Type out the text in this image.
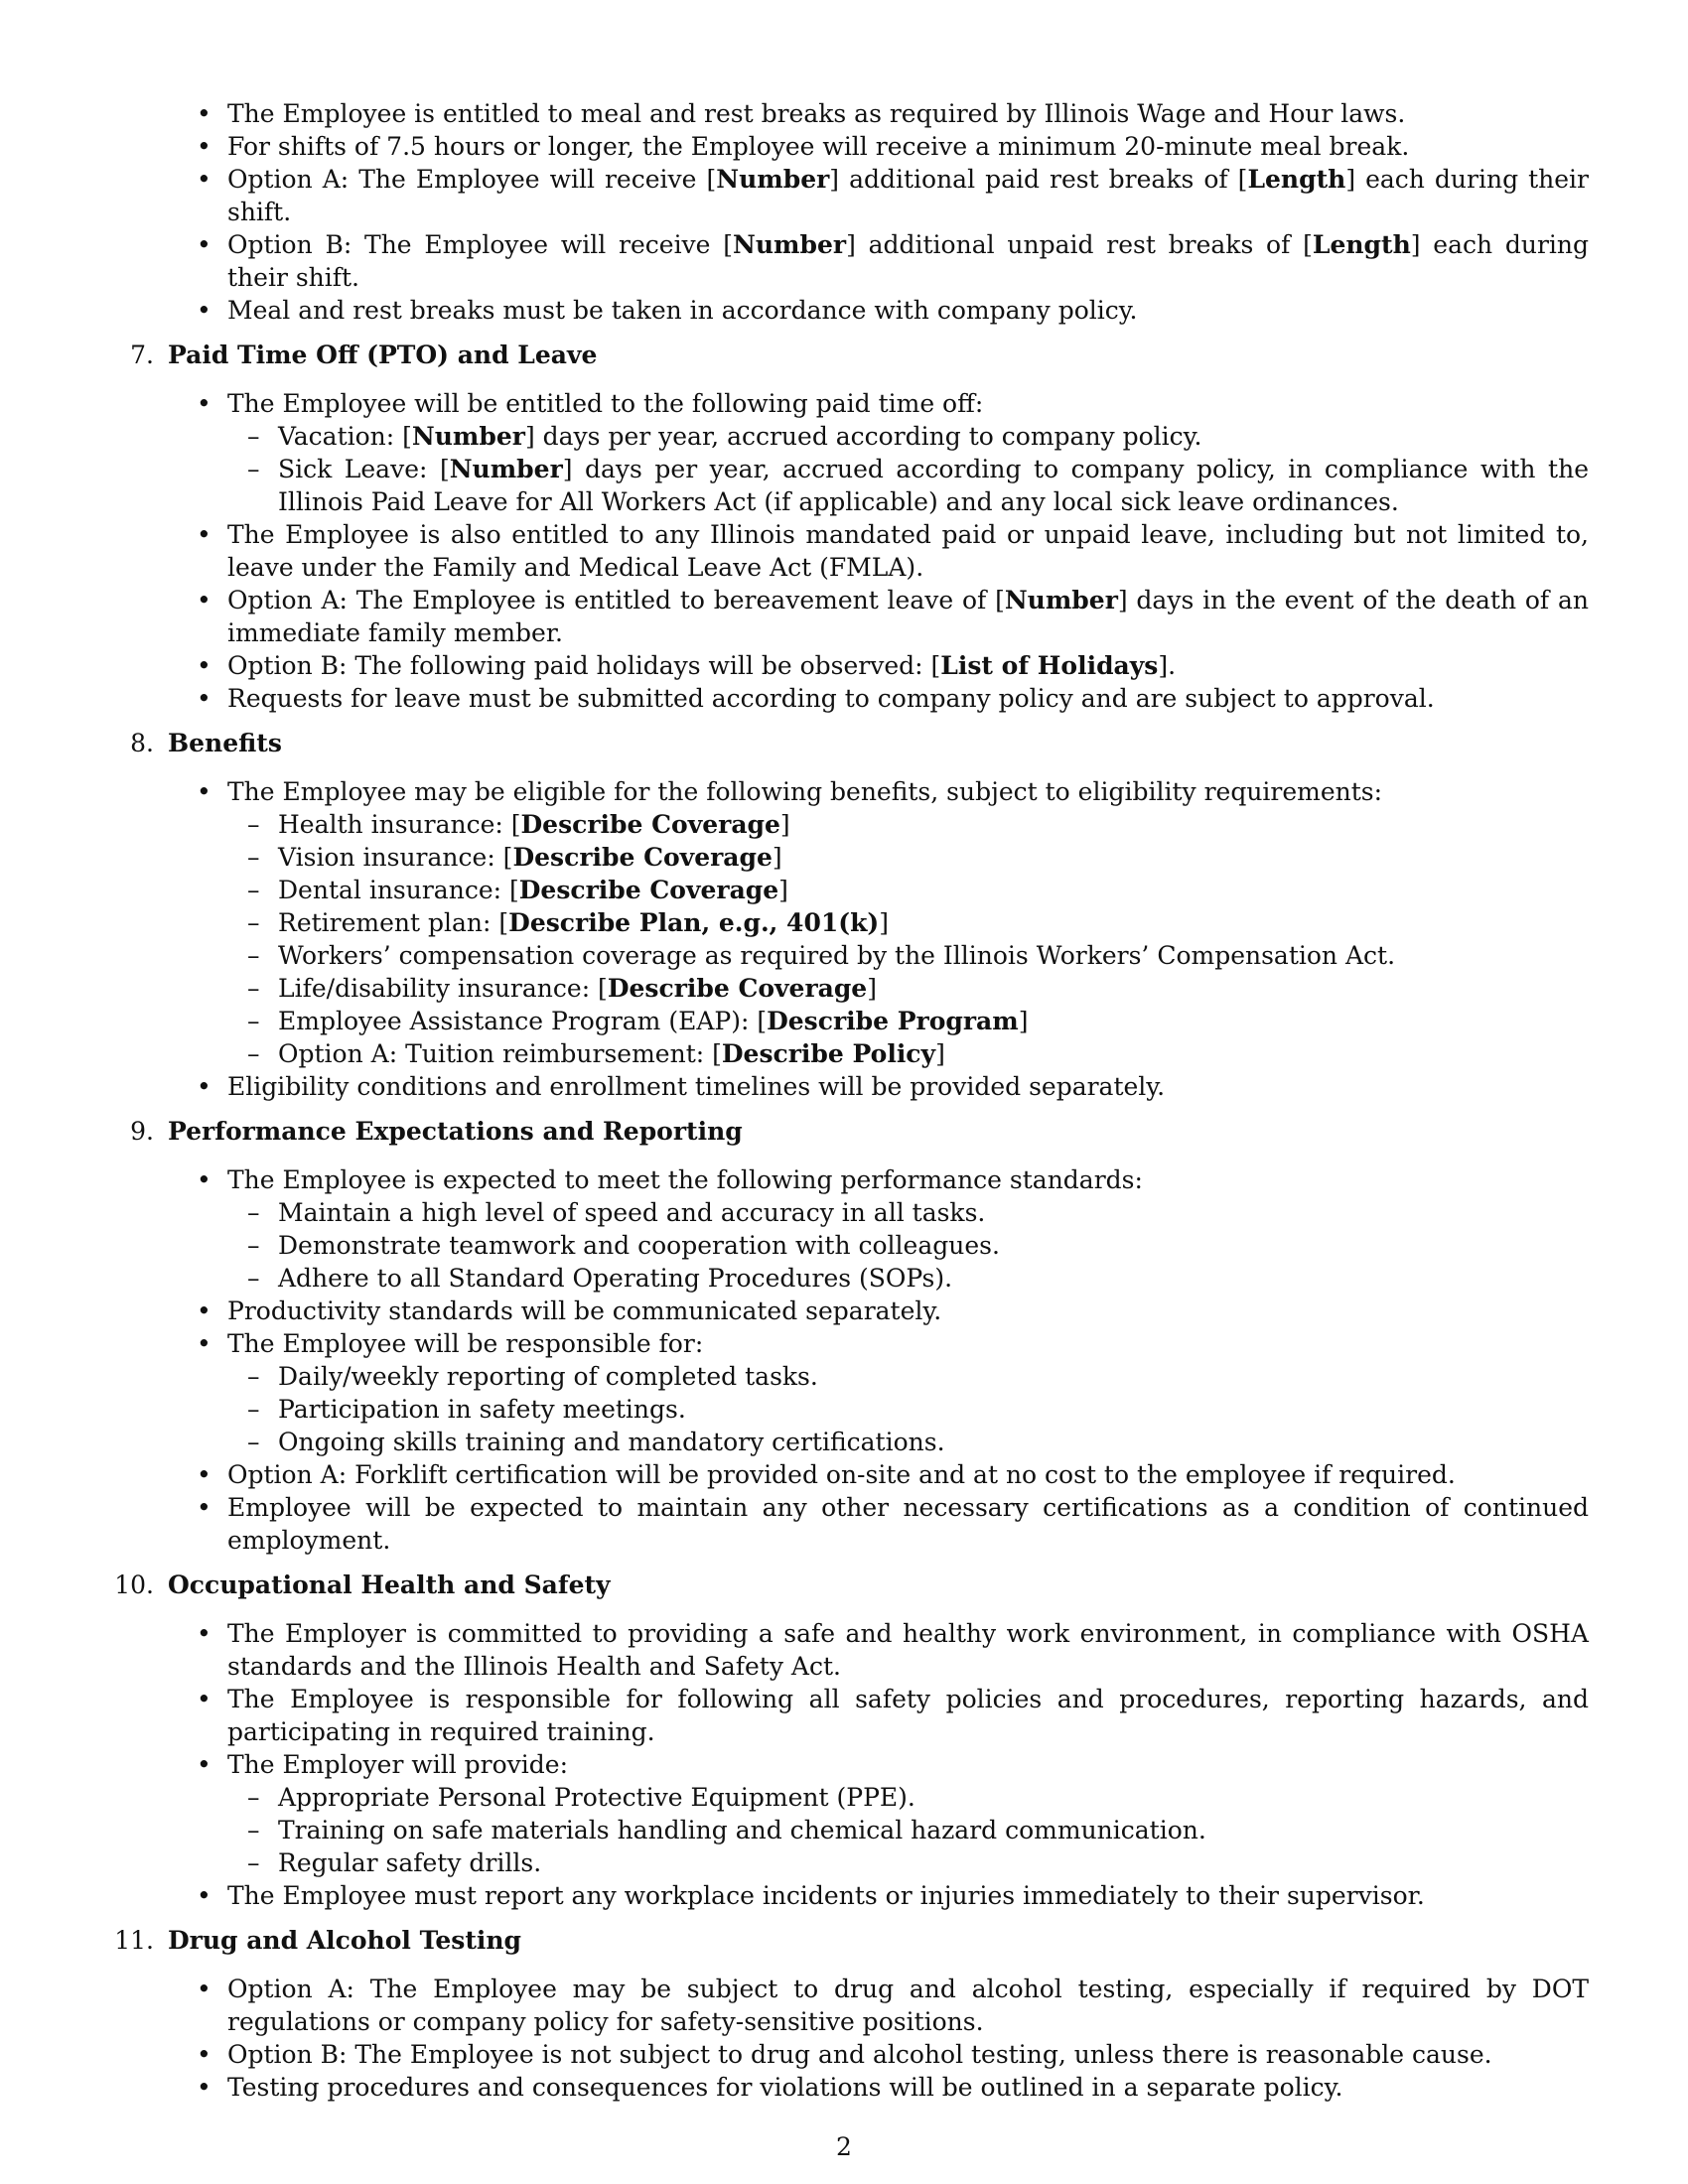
• The Employee is entitled to meal and rest breaks as required by Illinois Wage and Hour laws.
• For shifts of 7.5 hours or longer, the Employee will receive a minimum 20-minute meal break.
• Option A: The Employee will receive [Number] additional paid rest breaks of [Length] each during their shift.
• Option B: The Employee will receive [Number] additional unpaid rest breaks of [Length] each during their shift.
• Meal and rest breaks must be taken in accordance with company policy.
7. Paid Time Off (PTO) and Leave
• The Employee will be entitled to the following paid time off:
– Vacation: [Number] days per year, accrued according to company policy.
– Sick Leave: [Number] days per year, accrued according to company policy, in compliance with the Illinois Paid Leave for All Workers Act (if applicable) and any local sick leave ordinances.
• The Employee is also entitled to any Illinois mandated paid or unpaid leave, including but not limited to, leave under the Family and Medical Leave Act (FMLA).
• Option A: The Employee is entitled to bereavement leave of [Number] days in the event of the death of an immediate family member.
• Option B: The following paid holidays will be observed: [List of Holidays].
• Requests for leave must be submitted according to company policy and are subject to approval.
8. Benefits
• The Employee may be eligible for the following benefits, subject to eligibility requirements:
– Health insurance: [Describe Coverage]
– Vision insurance: [Describe Coverage]
– Dental insurance: [Describe Coverage]
– Retirement plan: [Describe Plan, e.g., 401(k)]
– Workers’ compensation coverage as required by the Illinois Workers’ Compensation Act.
– Life/disability insurance: [Describe Coverage]
– Employee Assistance Program (EAP): [Describe Program]
– Option A: Tuition reimbursement: [Describe Policy]
• Eligibility conditions and enrollment timelines will be provided separately.
9. Performance Expectations and Reporting
• The Employee is expected to meet the following performance standards:
– Maintain a high level of speed and accuracy in all tasks.
– Demonstrate teamwork and cooperation with colleagues.
– Adhere to all Standard Operating Procedures (SOPs).
• Productivity standards will be communicated separately.
• The Employee will be responsible for:
– Daily/weekly reporting of completed tasks.
– Participation in safety meetings.
– Ongoing skills training and mandatory certifications.
• Option A: Forklift certification will be provided on-site and at no cost to the employee if required.
• Employee will be expected to maintain any other necessary certifications as a condition of continued employment.
10. Occupational Health and Safety
• The Employer is committed to providing a safe and healthy work environment, in compliance with OSHA standards and the Illinois Health and Safety Act.
• The Employee is responsible for following all safety policies and procedures, reporting hazards, and participating in required training.
• The Employer will provide:
– Appropriate Personal Protective Equipment (PPE).
– Training on safe materials handling and chemical hazard communication.
– Regular safety drills.
• The Employee must report any workplace incidents or injuries immediately to their supervisor.
11. Drug and Alcohol Testing
• Option A: The Employee may be subject to drug and alcohol testing, especially if required by DOT regulations or company policy for safety-sensitive positions.
• Option B: The Employee is not subject to drug and alcohol testing, unless there is reasonable cause.
• Testing procedures and consequences for violations will be outlined in a separate policy.
2
